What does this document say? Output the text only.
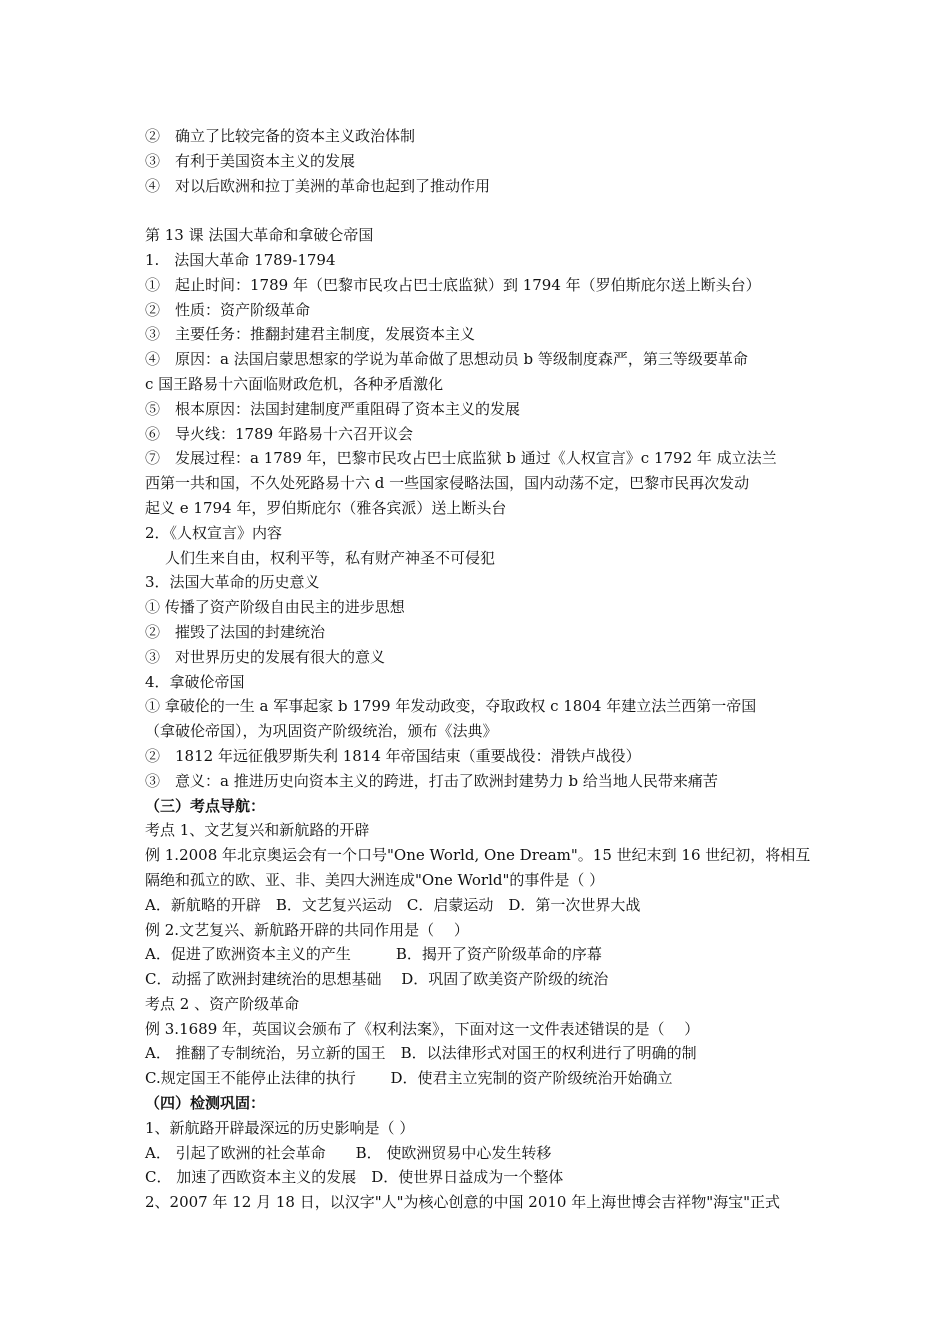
②　确立了比较完备的资本主义政治体制
③　有利于美国资本主义的发展
④　对以后欧洲和拉丁美洲的革命也起到了推动作用
第 13 课 法国大革命和拿破仑帝国
1.　法国大革命 1789-1794
①　起止时间：1789 年（巴黎市民攻占巴士底监狱）到 1794 年（罗伯斯庇尔送上断头台）
②　性质：资产阶级革命
③　主要任务：推翻封建君主制度，发展资本主义
④　原因：a 法国启蒙思想家的学说为革命做了思想动员 b 等级制度森严，第三等级要革命
c 国王路易十六面临财政危机，各种矛盾激化
⑤　根本原因：法国封建制度严重阻碍了资本主义的发展
⑥　导火线：1789 年路易十六召开议会
⑦　发展过程：a 1789 年，巴黎市民攻占巴士底监狱 b 通过《人权宣言》c 1792 年 成立法兰
西第一共和国，不久处死路易十六 d 一些国家侵略法国，国内动荡不定，巴黎市民再次发动
起义 e 1794 年，罗伯斯庇尔（雅各宾派）送上断头台
2．《人权宣言》内容
人们生来自由，权利平等，私有财产神圣不可侵犯
3．法国大革命的历史意义
① 传播了资产阶级自由民主的进步思想
②　摧毁了法国的封建统治
③　对世界历史的发展有很大的意义
4．拿破伦帝国
① 拿破伦的一生 a 军事起家 b 1799 年发动政变，夺取政权 c 1804 年建立法兰西第一帝国
（拿破伦帝国），为巩固资产阶级统治，颁布《法典》
②　1812 年远征俄罗斯失利 1814 年帝国结束（重要战役：滑铁卢战役）
③　意义：a 推进历史向资本主义的跨进，打击了欧洲封建势力 b 给当地人民带来痛苦
（三）考点导航：
考点 1、文艺复兴和新航路的开辟
例 1.2008 年北京奥运会有一个口号"One World, One Dream"。15 世纪末到 16 世纪初，将相互
隔绝和孤立的欧、亚、非、美四大洲连成"One World"的事件是（ ）
A．新航略的开辟　B．文艺复兴运动　C．启蒙运动　D．第一次世界大战
例 2.文艺复兴、新航路开辟的共同作用是（　 ）
A．促进了欧洲资本主义的产生　　　B．揭开了资产阶级革命的序幕
C．动摇了欧洲封建统治的思想基础　 D．巩固了欧美资产阶级的统治
考点 2 、资产阶级革命
例 3.1689 年，英国议会颁布了《权利法案》，下面对这一文件表述错误的是（　 ）
A． 推翻了专制统治，另立新的国王　B．以法律形式对国王的权利进行了明确的制
C.规定国王不能停止法律的执行　　 D．使君主立宪制的资产阶级统治开始确立
（四）检测巩固：
1、新航路开辟最深远的历史影响是（ ）
A． 引起了欧洲的社会革命　　B． 使欧洲贸易中心发生转移
C． 加速了西欧资本主义的发展　D．使世界日益成为一个整体
2、2007 年 12 月 18 日，以汉字"人"为核心创意的中国 2010 年上海世博会吉祥物"海宝"正式
